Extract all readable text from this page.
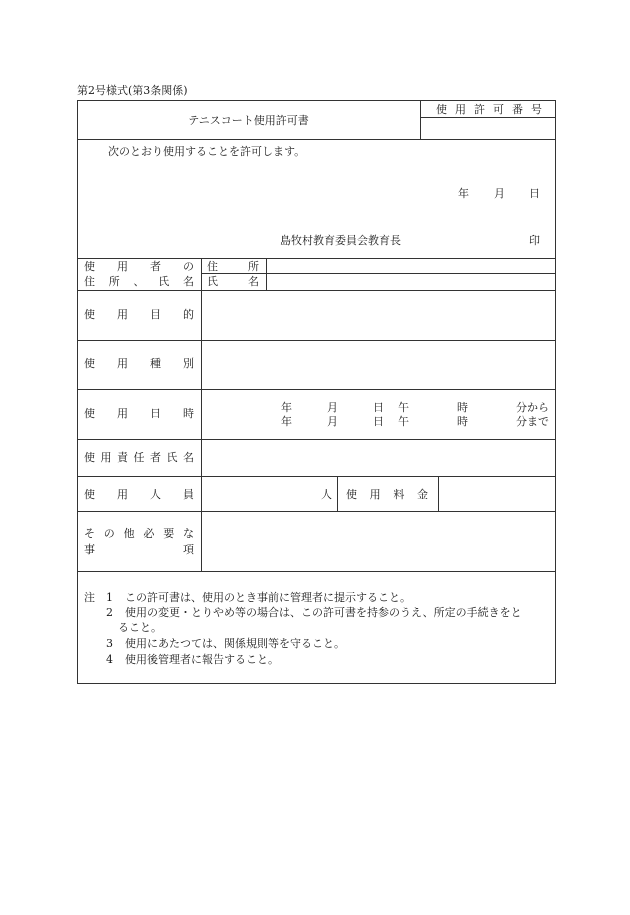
第2号様式(第3条関係)
テニスコート使用許可書
使 用 許 可 番 号
次のとおり使用することを許可します。
年 月 日
島牧村教育委員会教育長	印
使 用 者 の
住 所 、 氏 名
住	所
氏	名
使 用 目 的
使 用 種 別
使 用 日 時	年	月	日 午	時	分から
年	月	日 午	時	分まで
使 用 責 任 者 氏 名
使 用 人 員	人 使 用 料 金
そ の 他 必 要 な
事	項
注 1 この許可書は、使用のとき事前に管理者に提示すること。
2 使用の変更・とりやめ等の場合は、この許可書を持参のうえ、所定の手続きをと
ること。
3 使用にあたつては、関係規則等を守ること。
4 使用後管理者に報告すること。
